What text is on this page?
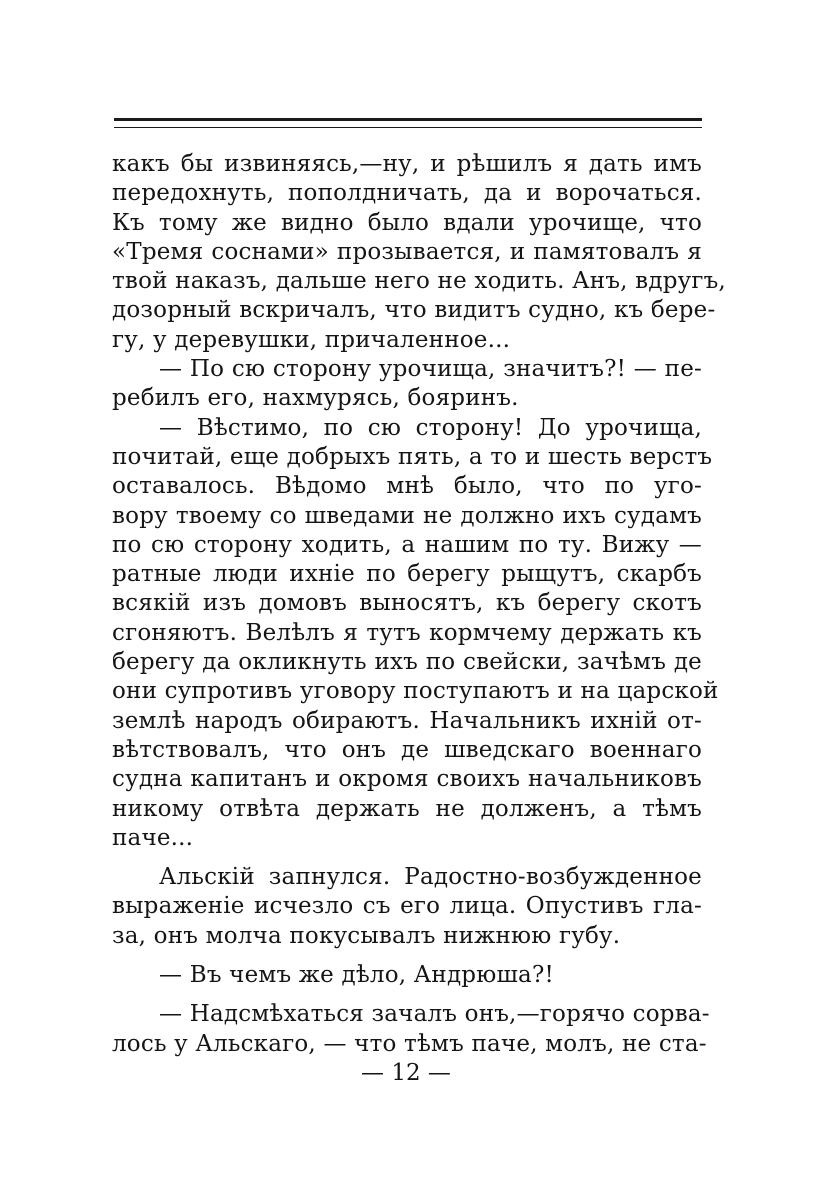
какъ бы извиняясь,—ну, и рѣшилъ я дать имъ
передохнуть, пополдничать, да и ворочаться.
Къ тому же видно было вдали урочище, что
«Тремя соснами» прозывается, и памятовалъ я
твой наказъ, дальше него не ходить. Анъ, вдругъ,
дозорный вскричалъ, что видитъ судно, къ бере-
гу, у деревушки, причаленное...
— По сю сторону урочища, значитъ?! — пе-
ребилъ его, нахмурясь, бояринъ.
— Вѣстимо, по сю сторону! До урочища,
почитай, еще добрыхъ пять, а то и шесть верстъ
оставалось. Вѣдомо мнѣ было, что по уго-
вору твоему со шведами не должно ихъ судамъ
по сю сторону ходить, а нашим по ту. Вижу —
ратные люди ихніе по берегу рыщутъ, скарбъ
всякій изъ домовъ выносятъ, къ берегу скотъ
сгоняютъ. Велѣлъ я тутъ кормчему держать къ
берегу да окликнуть ихъ по свейски, зачѣмъ де
они супротивъ уговору поступаютъ и на царской
землѣ народъ обираютъ. Начальникъ ихній от-
вѣтствовалъ, что онъ де шведскаго военнаго
судна капитанъ и окромя своихъ начальниковъ
никому отвѣта держать не долженъ, а тѣмъ
паче...
Альскій запнулся. Радостно-возбужденное
выраженіе исчезло съ его лица. Опустивъ гла-
за, онъ молча покусывалъ нижнюю губу.
— Въ чемъ же дѣло, Андрюша?!
— Надсмѣхаться зачалъ онъ,—горячо сорва-
лось у Альскаго, — что тѣмъ паче, молъ, не ста-
— 12 —
